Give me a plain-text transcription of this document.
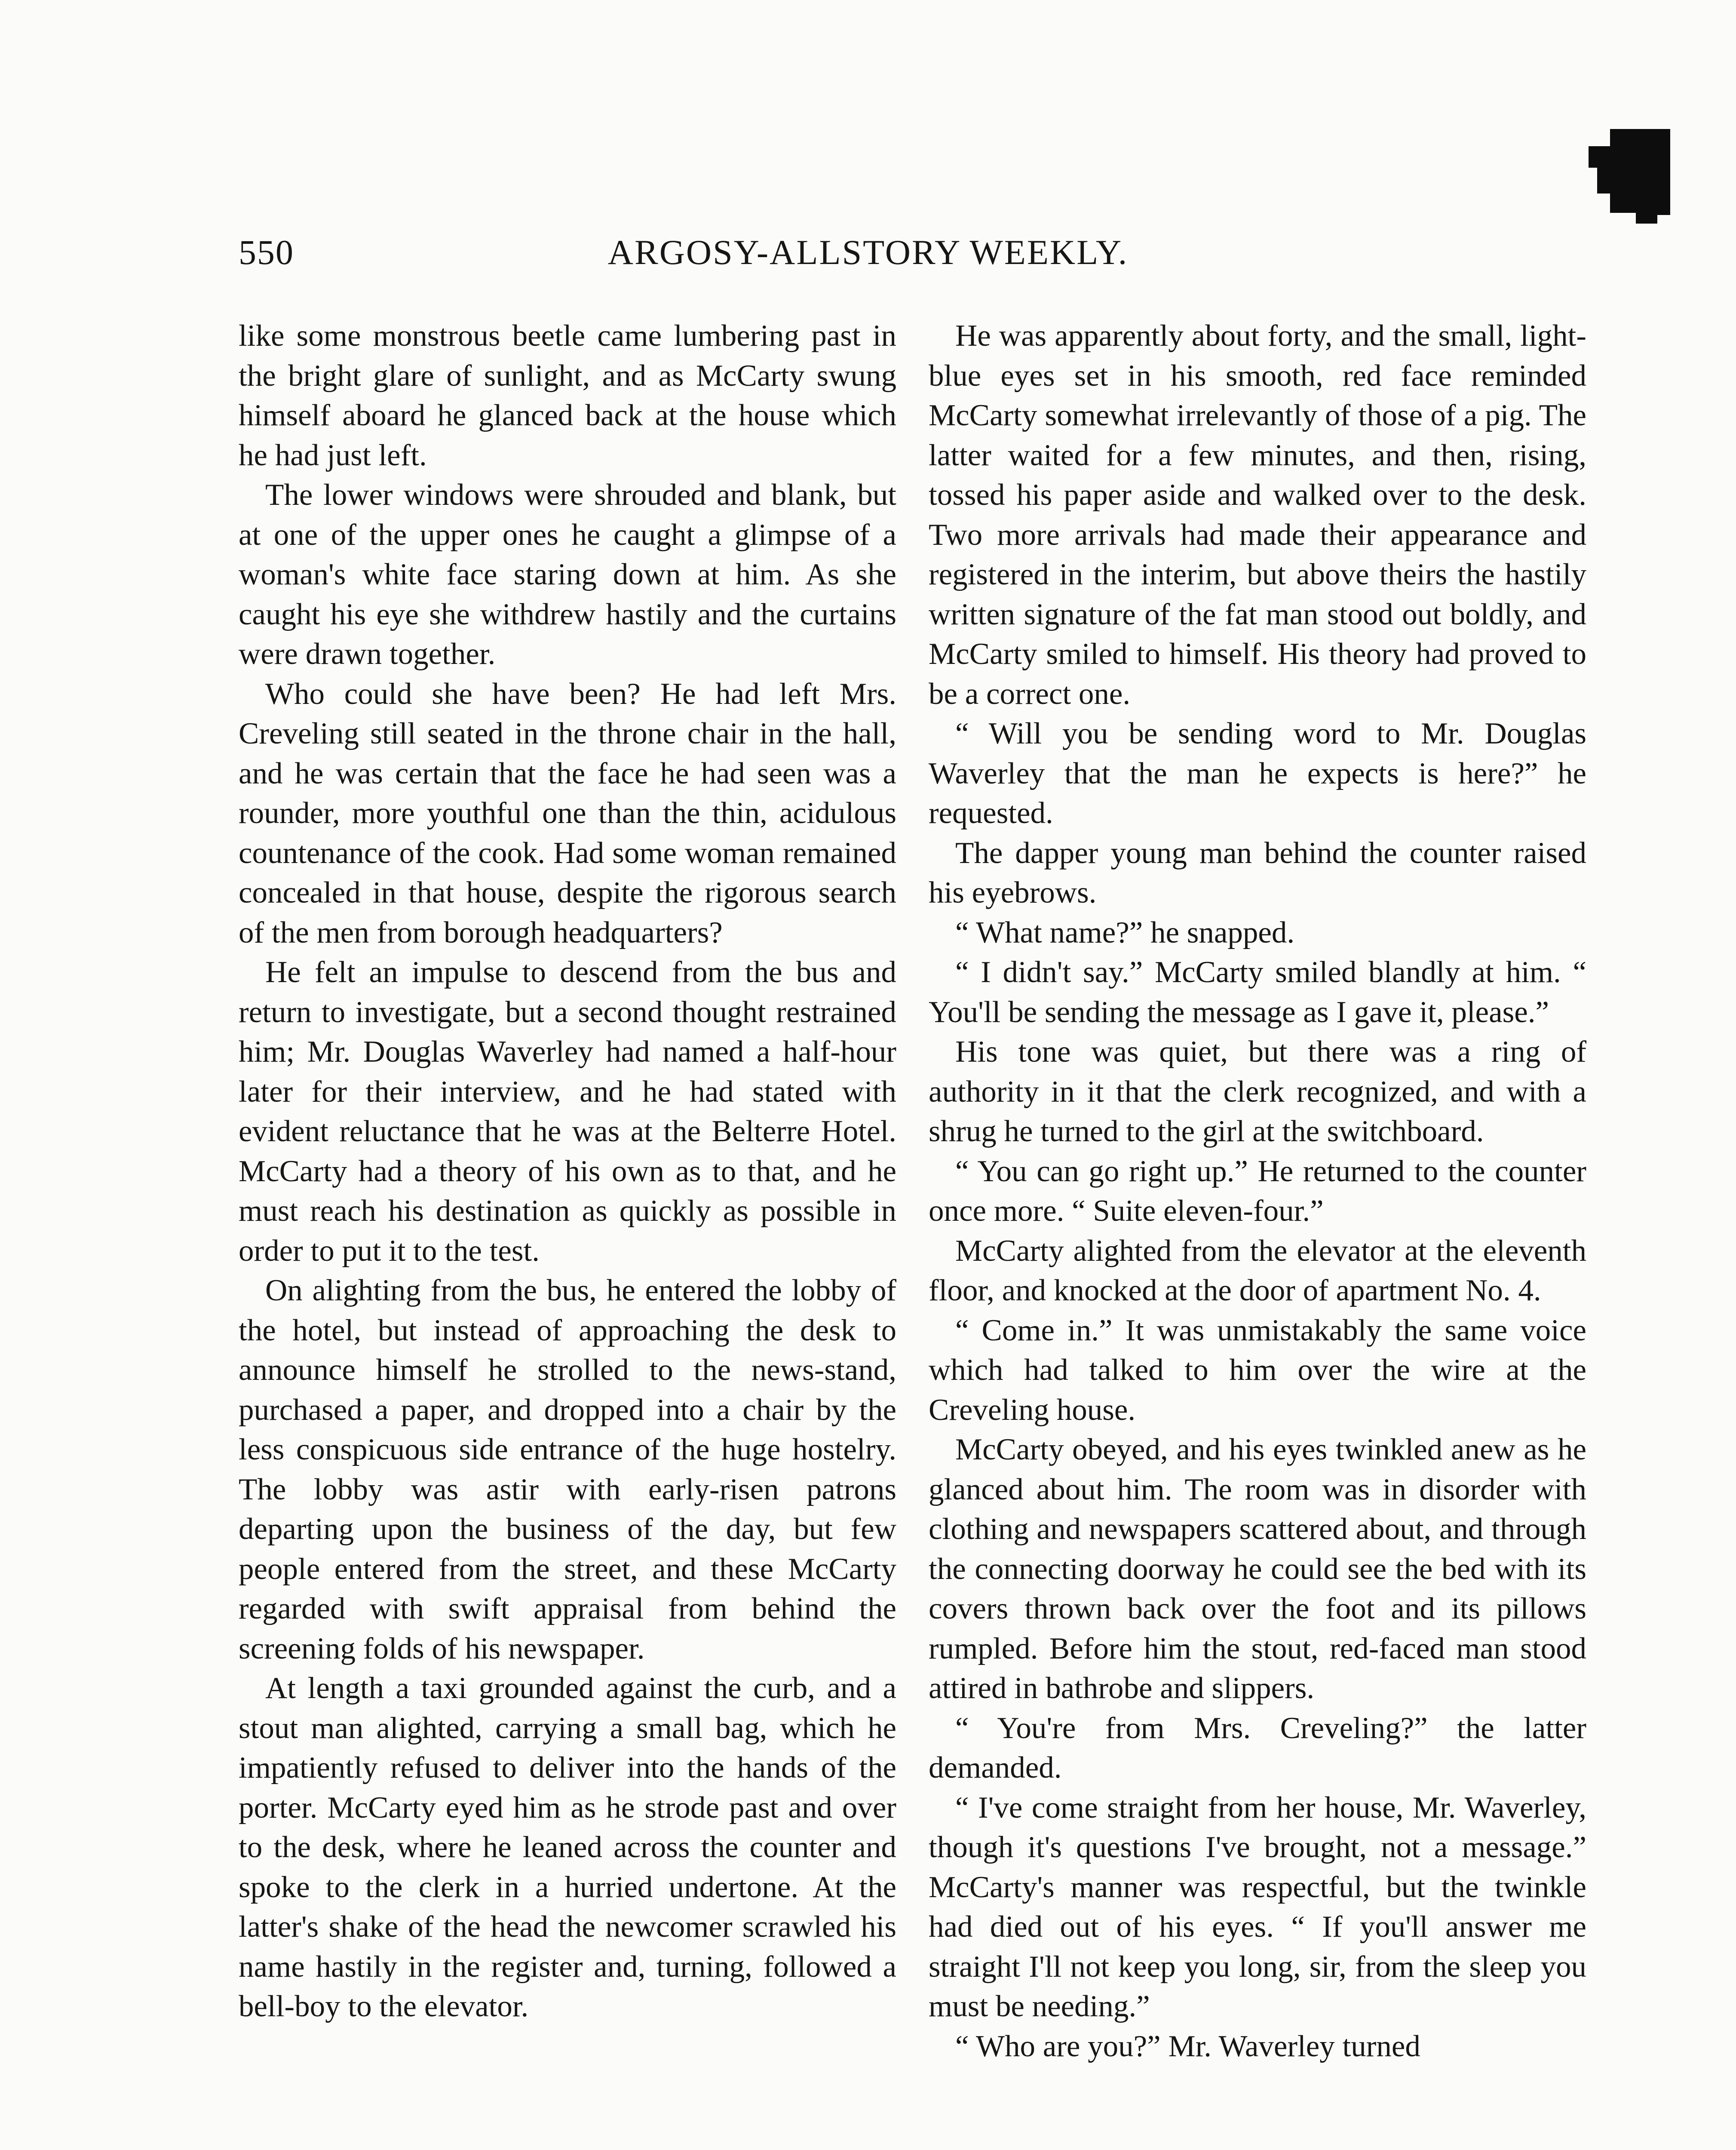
550	ARGOSY-ALLSTORY WEEKLY.

like some monstrous beetle came lumbering past in the bright glare of sunlight, and as McCarty swung himself aboard he glanced back at the house which he had just left.

The lower windows were shrouded and blank, but at one of the upper ones he caught a glimpse of a woman's white face staring down at him. As she caught his eye she withdrew hastily and the curtains were drawn together.

Who could she have been? He had left Mrs. Creveling still seated in the throne chair in the hall, and he was certain that the face he had seen was a rounder, more youthful one than the thin, acidulous countenance of the cook. Had some woman remained concealed in that house, despite the rigorous search of the men from borough headquarters?

He felt an impulse to descend from the bus and return to investigate, but a second thought restrained him; Mr. Douglas Waverley had named a half-hour later for their interview, and he had stated with evident reluctance that he was at the Belterre Hotel. McCarty had a theory of his own as to that, and he must reach his destination as quickly as possible in order to put it to the test.

On alighting from the bus, he entered the lobby of the hotel, but instead of approaching the desk to announce himself he strolled to the news-stand, purchased a paper, and dropped into a chair by the less conspicuous side entrance of the huge hostelry. The lobby was astir with early-risen patrons departing upon the business of the day, but few people entered from the street, and these McCarty regarded with swift appraisal from behind the screening folds of his newspaper.

At length a taxi grounded against the curb, and a stout man alighted, carrying a small bag, which he impatiently refused to deliver into the hands of the porter. McCarty eyed him as he strode past and over to the desk, where he leaned across the counter and spoke to the clerk in a hurried undertone. At the latter's shake of the head the newcomer scrawled his name hastily in the register and, turning, followed a bell-boy to the elevator.

He was apparently about forty, and the small, light-blue eyes set in his smooth, red face reminded McCarty somewhat irrelevantly of those of a pig. The latter waited for a few minutes, and then, rising, tossed his paper aside and walked over to the desk. Two more arrivals had made their appearance and registered in the interim, but above theirs the hastily written signature of the fat man stood out boldly, and McCarty smiled to himself. His theory had proved to be a correct one.

“ Will you be sending word to Mr. Douglas Waverley that the man he expects is here?” he requested.

The dapper young man behind the counter raised his eyebrows.

“ What name?” he snapped.

“ I didn't say.” McCarty smiled blandly at him. “ You'll be sending the message as I gave it, please.”

His tone was quiet, but there was a ring of authority in it that the clerk recognized, and with a shrug he turned to the girl at the switchboard.

“ You can go right up.” He returned to the counter once more. “ Suite eleven-four.”

McCarty alighted from the elevator at the eleventh floor, and knocked at the door of apartment No. 4.

“ Come in.” It was unmistakably the same voice which had talked to him over the wire at the Creveling house.

McCarty obeyed, and his eyes twinkled anew as he glanced about him. The room was in disorder with clothing and newspapers scattered about, and through the connecting doorway he could see the bed with its covers thrown back over the foot and its pillows rumpled. Before him the stout, red-faced man stood attired in bathrobe and slippers.

“ You're from Mrs. Creveling?” the latter demanded.

“ I've come straight from her house, Mr. Waverley, though it's questions I've brought, not a message.” McCarty's manner was respectful, but the twinkle had died out of his eyes. “ If you'll answer me straight I'll not keep you long, sir, from the sleep you must be needing.”

“ Who are you?” Mr. Waverley turned
